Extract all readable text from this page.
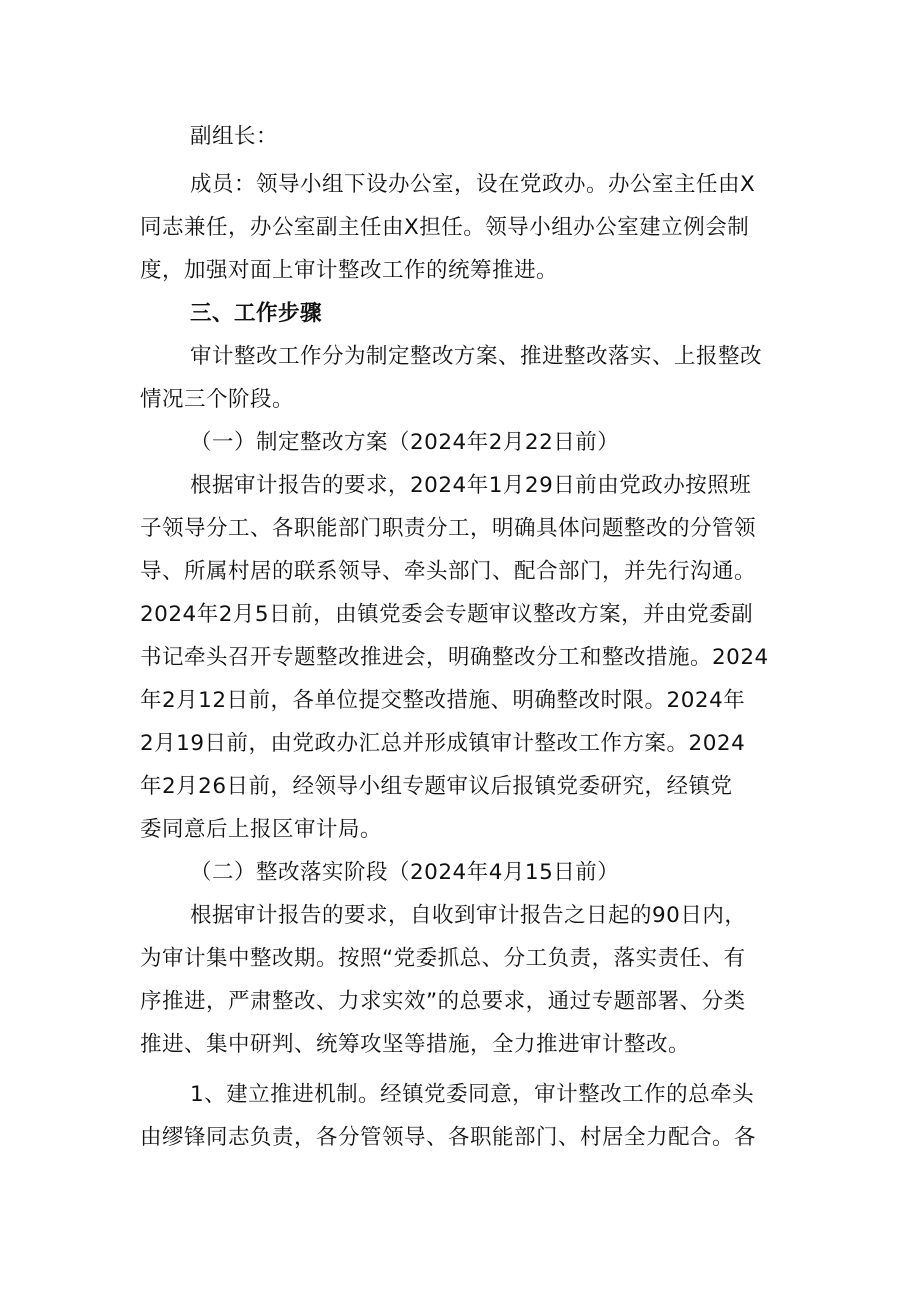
副组长：
成员：领导小组下设办公室，设在党政办。办公室主任由X
同志兼任，办公室副主任由X担任。领导小组办公室建立例会制
度，加强对面上审计整改工作的统筹推进。
三、工作步骤
审计整改工作分为制定整改方案、推进整改落实、上报整改
情况三个阶段。
（一）制定整改方案（2024年2月22日前）
根据审计报告的要求，2024年1月29日前由党政办按照班
子领导分工、各职能部门职责分工，明确具体问题整改的分管领
导、所属村居的联系领导、牵头部门、配合部门，并先行沟通。
2024年2月5日前，由镇党委会专题审议整改方案，并由党委副
书记牵头召开专题整改推进会，明确整改分工和整改措施。2024
年2月12日前，各单位提交整改措施、明确整改时限。2024年
2月19日前，由党政办汇总并形成镇审计整改工作方案。2024
年2月26日前，经领导小组专题审议后报镇党委研究，经镇党
委同意后上报区审计局。
（二）整改落实阶段（2024年4月15日前）
根据审计报告的要求，自收到审计报告之日起的90日内，
为审计集中整改期。按照“党委抓总、分工负责，落实责任、有
序推进，严肃整改、力求实效”的总要求，通过专题部署、分类
推进、集中研判、统筹攻坚等措施，全力推进审计整改。
1、建立推进机制。经镇党委同意，审计整改工作的总牵头
由缪锋同志负责，各分管领导、各职能部门、村居全力配合。各
